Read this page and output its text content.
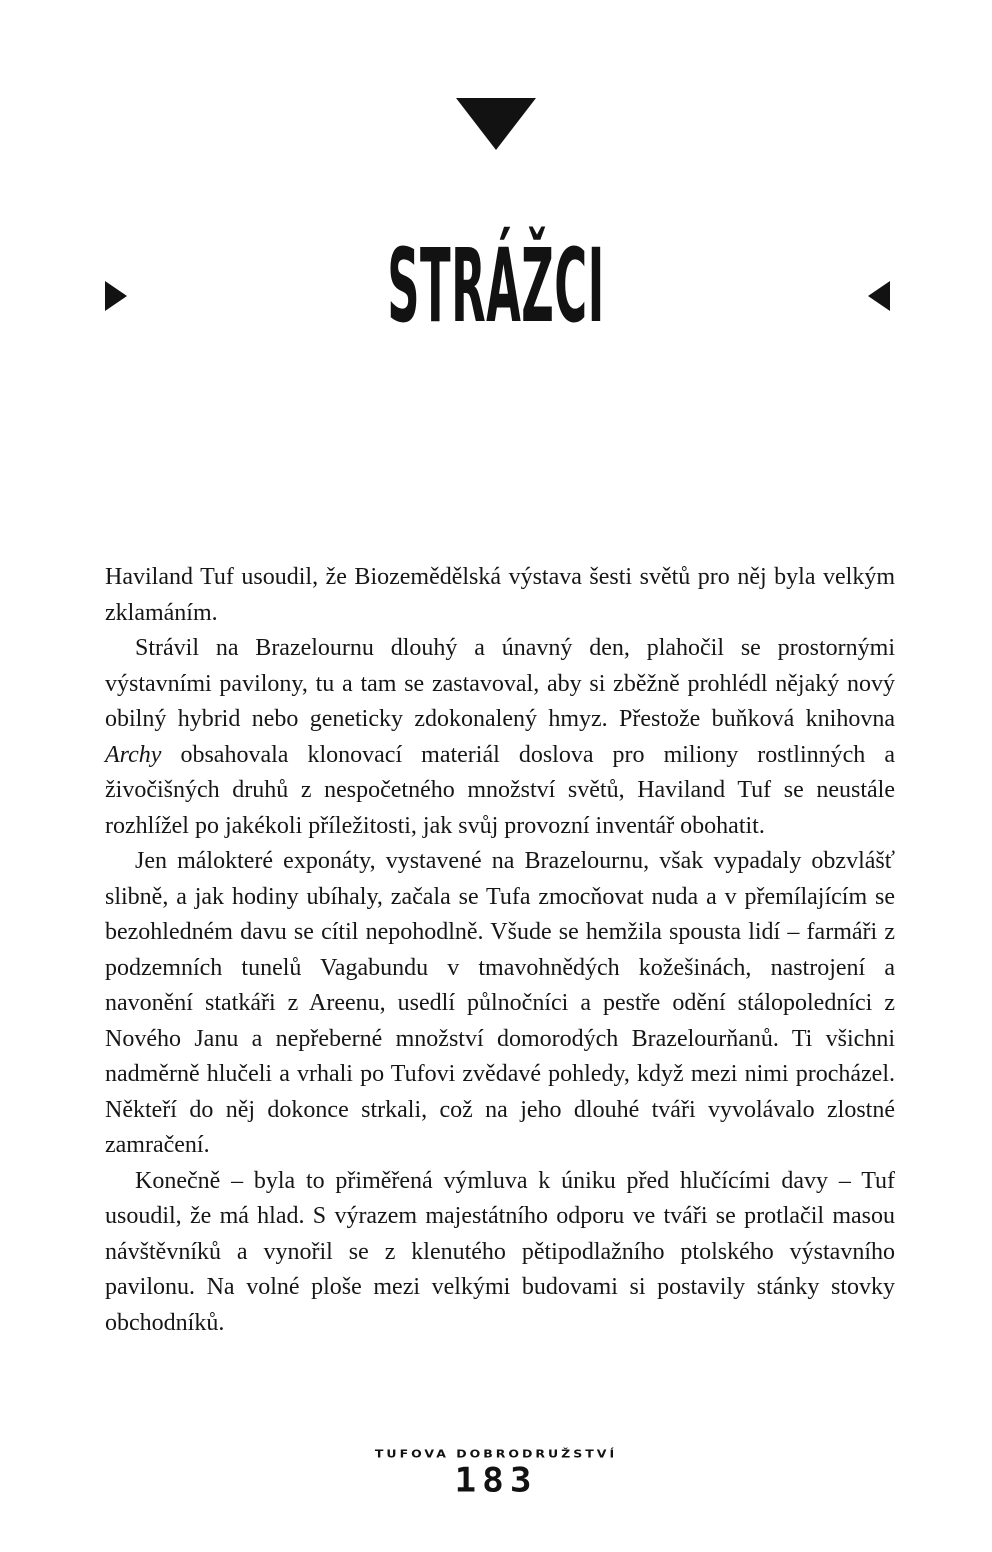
STRÁŽCI

Haviland Tuf usoudil, že Biozemědělská výstava šesti světů pro něj byla velkým zklamáním.

Strávil na Brazelournu dlouhý a únavný den, plahočil se prostornými výstavními pavilony, tu a tam se zastavoval, aby si zběžně prohlédl nějaký nový obilný hybrid nebo geneticky zdokonalený hmyz. Přestože buňková knihovna Archy obsahovala klonovací materiál doslova pro miliony rostlinných a živočišných druhů z nespočetného množství světů, Haviland Tuf se neustále rozhlížel po jakékoli příležitosti, jak svůj provozní inventář obohatit.

Jen málokteré exponáty, vystavené na Brazelournu, však vypadaly obzvlášť slibně, a jak hodiny ubíhaly, začala se Tufa zmocňovat nuda a v přemílajícím se bezohledném davu se cítil nepohodlně. Všude se hemžila spousta lidí – farmáři z podzemních tunelů Vagabundu v tmavohnědých kožešinách, nastrojení a navonění statkáři z Areenu, usedlí půlnočníci a pestře odění stálopoledníci z Nového Janu a nepřeberné množství domorodých Brazelourňanů. Ti všichni nadměrně hlučeli a vrhali po Tufovi zvědavé pohledy, když mezi nimi procházel. Někteří do něj dokonce strkali, což na jeho dlouhé tváři vyvolávalo zlostné zamračení.

Konečně – byla to přiměřená výmluva k úniku před hlučícími davy – Tuf usoudil, že má hlad. S výrazem majestátního odporu ve tváři se protlačil masou návštěvníků a vynořil se z klenutého pětipodlažního ptolského výstavního pavilonu. Na volné ploše mezi velkými budovami si postavily stánky stovky obchodníků.

TUFOVA DOBRODRUŽSTVÍ
183
